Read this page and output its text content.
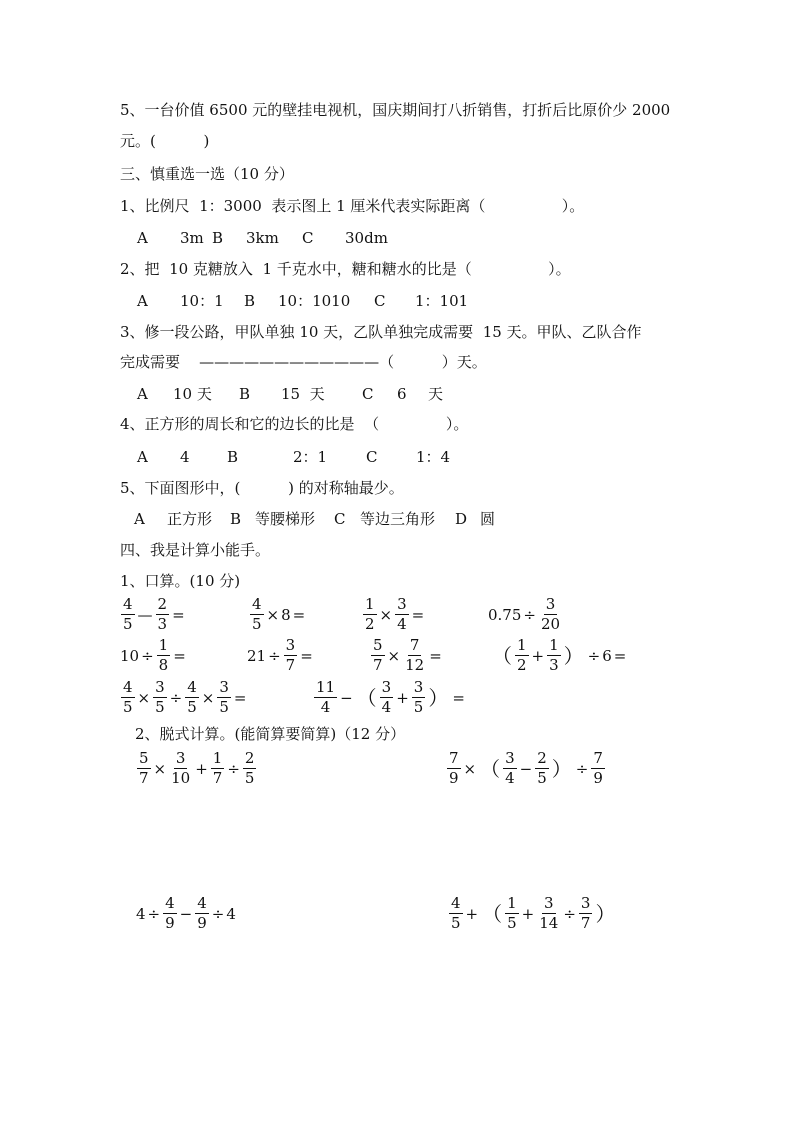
5、一台价值 6500 元的壁挂电视机，国庆期间打八折销售，打折后比原价少 2000
元。(          )
三、慎重选一选（10 分）
1、比例尺  1：3000  表示图上 1 厘米代表实际距离（                ）。
A 3m B 3km C 30dm
2、把  10 克糖放入  1 千克水中，糖和糖水的比是（                ）。
A 10：1 B 10：1010 C 1：101
3、修一段公路，甲队单独 10 天，乙队单独完成需要  15 天。甲队、乙队合作
完成需要    ————————————（          ）天。
A 10 天 B 15  天 C 6 天
4、正方形的周长和它的边长的比是  （              ）。
A 4 B	2：1	C	1：4
5、下面图形中，(          ) 的对称轴最少。
A 正方形 B 等腰梯形 C 等边三角形 D 圆
四、我是计算小能手。
1、口算。(10 分)
$\frac{4}{5}$ — $\frac{2}{3}$ =	$\frac{4}{5} \times 8$ =	$\frac{1}{2} \times \frac{3}{4}$ =	$0.75 \div \frac{3}{20}$
$10 \div \frac{1}{8}$ =	$21 \div \frac{3}{7}$ =	$\frac{5}{7} \times \frac{7}{12}$ =	（ $\frac{1}{2} + \frac{1}{3}$ ） ÷ 6 =
$\frac{4}{5} \times \frac{3}{5} \div \frac{4}{5} \times \frac{3}{5}$ =	$\frac{11}{4}$ − （ $\frac{3}{4} + \frac{3}{5}$ ） =
2、脱式计算。(能简算要简算)（12 分）
$\frac{5}{7} \times \frac{3}{10} + \frac{1}{7} \div \frac{2}{5}$	$\frac{7}{9}$ × （ $\frac{3}{4} - \frac{2}{5}$ ） ÷ $\frac{7}{9}$
$4 \div \frac{4}{9} - \frac{4}{9} \div 4$	$\frac{4}{5}$ + （ $\frac{1}{5} + \frac{3}{14} \div \frac{3}{7}$ ）
